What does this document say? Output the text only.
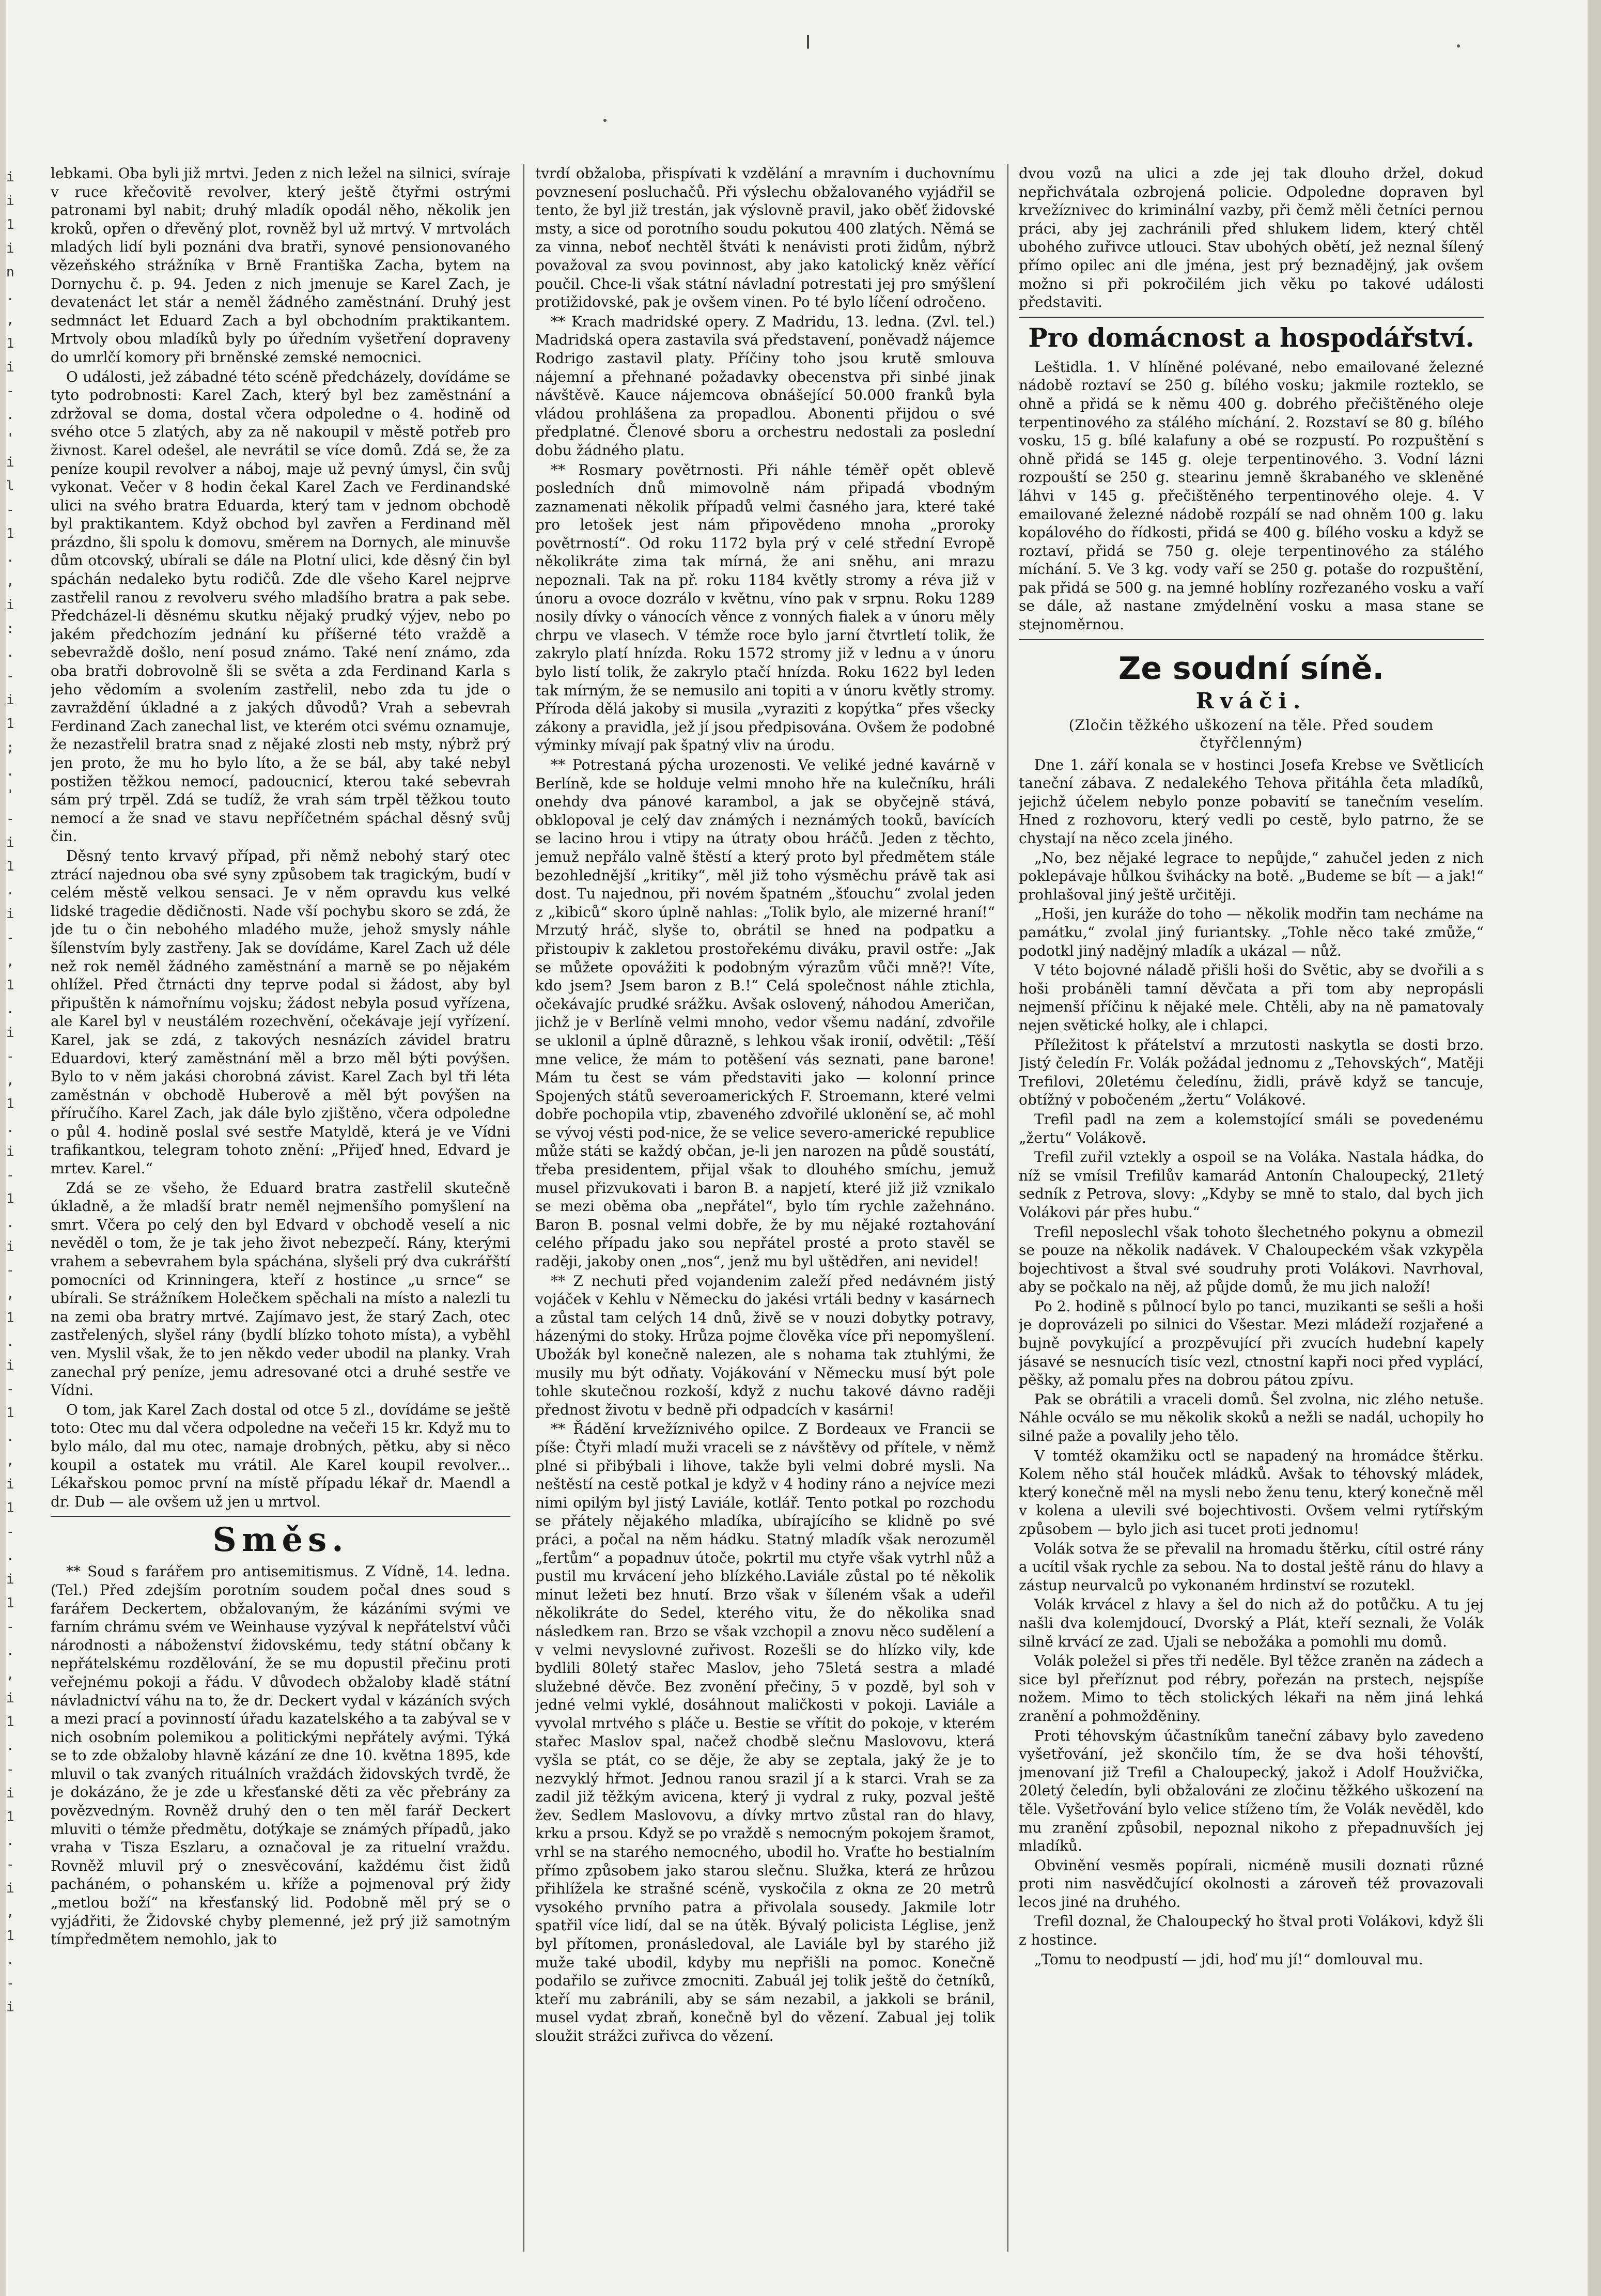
i
i
1
i
n
.
,
1
i
-
.
'
i
l
-
1
.
,
i
:
.
-
i
1
;
.
'
-
i
1
.
i
-
,
1
.
i
-
,
1
.
i
-
1
.
i
-
,
1
.
i
-
1
.
,
i
1
-
.
i
1
-
.
,
i
1
.
-
i
1
.
-
i
,
1
.
-
i

lebkami. Oba byli již mrtvi. Jeden z nich ležel na silnici, svíraje v ruce křečovitě revolver, který ještě čtyřmi ostrými patronami byl nabit; druhý mladík opodál něho, několik jen kroků, opřen o dřevěný plot, rovněž byl už mrtvý. V mrtvolách mladých lidí byli poznáni dva bratři, synové pensionovaného vězeňského strážníka v Brně Františka Zacha, bytem na Dornychu č. p. 94. Jeden z nich jmenuje se Karel Zach, je devatenáct let stár a neměl žádného zaměstnání. Druhý jest sedmnáct let Eduard Zach a byl obchodním praktikantem. Mrtvoly obou mladíků byly po úředním vyšetření dopraveny do umrlčí komory při brněnské zemské nemocnici.

O události, jež zábadné této scéně předcházely, dovídáme se tyto podrobnosti: Karel Zach, který byl bez zaměstnání a zdržoval se doma, dostal včera odpoledne o 4. hodině od svého otce 5 zlatých, aby za ně nakoupil v městě potřeb pro živnost. Karel odešel, ale nevrátil se více domů. Zdá se, že za peníze koupil revolver a náboj, maje už pevný úmysl, čin svůj vykonat. Večer v 8 hodin čekal Karel Zach ve Ferdinandské ulici na svého bratra Eduarda, který tam v jednom obchodě byl praktikantem. Když obchod byl zavřen a Ferdinand měl prázdno, šli spolu k domovu, směrem na Dornych, ale minuvše dům otcovský, ubírali se dále na Plotní ulici, kde děsný čin byl spáchán nedaleko bytu rodičů. Zde dle všeho Karel nejprve zastřelil ranou z revolveru svého mladšího bratra a pak sebe. Předcházel-li děsnému skutku nějaký prudký výjev, nebo po jakém předchozím jednání ku příšerné této vraždě a sebevraždě došlo, není posud známo. Také není známo, zda oba bratři dobrovolně šli se světa a zda Ferdinand Karla s jeho vědomím a svolením zastřelil, nebo zda tu jde o zavraždění úkladné a z jakých důvodů? Vrah a sebevrah Ferdinand Zach zanechal list, ve kterém otci svému oznamuje, že nezastřelil bratra snad z nějaké zlosti neb msty, nýbrž prý jen proto, že mu ho bylo líto, a že se bál, aby také nebyl postižen těžkou nemocí, padoucnicí, kterou také sebevrah sám prý trpěl. Zdá se tudíž, že vrah sám trpěl těžkou touto nemocí a že snad ve stavu nepříčetném spáchal děsný svůj čin.

Děsný tento krvavý případ, při němž nebohý starý otec ztrácí najednou oba své syny způsobem tak tragickým, budí v celém městě velkou sensaci. Je v něm opravdu kus velké lidské tragedie dědičnosti. Nade vší pochybu skoro se zdá, že jde tu o čin nebohého mladého muže, jehož smysly náhle šílenstvím byly zastřeny. Jak se dovídáme, Karel Zach už déle než rok neměl žádného zaměstnání a marně se po nějakém ohlížel. Před čtrnácti dny teprve podal si žádost, aby byl připuštěn k námořnímu vojsku; žádost nebyla posud vyřízena, ale Karel byl v neustálém rozechvění, očekávaje její vyřízení. Karel, jak se zdá, z takových nesnázích závidel bratru Eduardovi, který zaměstnání měl a brzo měl býti povýšen. Bylo to v něm jakási chorobná závist. Karel Zach byl tři léta zaměstnán v obchodě Huberově a měl být povýšen na příručího. Karel Zach, jak dále bylo zjištěno, včera odpoledne o půl 4. hodině poslal své sestře Matyldě, která je ve Vídni trafikantkou, telegram tohoto znění: „Přijeď hned, Edvard je mrtev. Karel.“

Zdá se ze všeho, že Eduard bratra zastřelil skutečně úkladně, a že mladší bratr neměl nejmenšího pomyšlení na smrt. Včera po celý den byl Edvard v obchodě veselí a nic nevěděl o tom, že je tak jeho život nebezpečí. Rány, kterými vrahem a sebevrahem byla spáchána, slyšeli prý dva cukrářští pomocníci od Krinningera, kteří z hostince „u srnce“ se ubírali. Se strážníkem Holečkem spěchali na místo a nalezli tu na zemi oba bratry mrtvé. Zajímavo jest, že starý Zach, otec zastřelených, slyšel rány (bydlí blízko tohoto místa), a vyběhl ven. Myslil však, že to jen někdo veder ubodil na planky. Vrah zanechal prý peníze, jemu adresované otci a druhé sestře ve Vídni.

O tom, jak Karel Zach dostal od otce 5 zl., dovídáme se ještě toto: Otec mu dal včera odpoledne na večeři 15 kr. Když mu to bylo málo, dal mu otec, namaje drobných, pětku, aby si něco koupil a ostatek mu vrátil. Ale Karel koupil revolver... Lékařskou pomoc první na místě případu lékař dr. Maendl a dr. Dub — ale ovšem už jen u mrtvol.

Směs.

** Soud s farářem pro antisemitismus. Z Vídně, 14. ledna. (Tel.) Před zdejším porotním soudem počal dnes soud s farářem Deckertem, obžalovaným, že kázáními svými ve farním chrámu svém ve Weinhause vyzýval k nepřátelství vůči národnosti a náboženství židovskému, tedy státní občany k nepřátelskému rozdělování, že se mu dopustil přečinu proti veřejnému pokoji a řádu. V důvodech obžaloby kladě státní návladnictví váhu na to, že dr. Deckert vydal v kázáních svých a mezi prací a povinností úřadu kazatelského a ta zabýval se v nich osobním polemikou a politickými nepřátely avými. Týká se to zde obžaloby hlavně kázání ze dne 10. května 1895, kde mluvil o tak zvaných rituálních vraždách židovských tvrdě, že je dokázáno, že je zde u křesťanské děti za věc přebrány za povězvedným. Rovněž druhý den o ten měl farář Deckert mluviti o témže předmětu, dotýkaje se známých případů, jako vraha v Tisza Eszlaru, a označoval je za rituelní vraždu. Rovněž mluvil prý o znesvěcování, každému čist židů pacháném, o pohanském u. kříže a pojmenoval prý židy „metlou boží“ na křesťanský lid. Podobně měl prý se o vyjádřiti, že Židovské chyby plemenné, jež prý již samotným tímpředmětem nemohlo, jak to

tvrdí obžaloba, přispívati k vzdělání a mravním i duchovnímu povznesení posluchačů. Při výslechu obžalovaného vyjádřil se tento, že byl již trestán, jak výslovně pravil, jako oběť židovské msty, a sice od porotního soudu pokutou 400 zlatých. Němá se za vinna, neboť nechtěl štváti k nenávisti proti židům, nýbrž považoval za svou povinnost, aby jako katolický kněz věřící poučil. Chce-li však státní návladní potrestati jej pro smýšlení protižidovské, pak je ovšem vinen. Po té bylo líčení odročeno.

** Krach madridské opery. Z Madridu, 13. ledna. (Zvl. tel.) Madridská opera zastavila svá představení, poněvadž nájemce Rodrigo zastavil platy. Příčiny toho jsou krutě smlouva nájemní a přehnané požadavky obecenstva při sinbé jinak návštěvě. Kauce nájemcova obnášející 50.000 franků byla vládou prohlášena za propadlou. Abonenti přijdou o své předplatné. Členové sboru a orchestru nedostali za poslední dobu žádného platu.

** Rosmary povětrnosti. Při náhle téměř opět oblevě posledních dnů mimovolně nám připadá vbodným zaznamenati několik případů velmi časného jara, které také pro letošek jest nám připovědeno mnoha „proroky povětrností“. Od roku 1172 byla prý v celé střední Evropě několikráte zima tak mírná, že ani sněhu, ani mrazu nepoznali. Tak na př. roku 1184 květly stromy a réva již v únoru a ovoce dozrálo v květnu, víno pak v srpnu. Roku 1289 nosily dívky o vánocích věnce z vonných fialek a v únoru měly chrpu ve vlasech. V témže roce bylo jarní čtvrtletí tolik, že zakrylo platí hnízda. Roku 1572 stromy již v lednu a v únoru bylo listí tolik, že zakrylo ptačí hnízda. Roku 1622 byl leden tak mírným, že se nemusilo ani topiti a v únoru květly stromy. Příroda dělá jakoby si musila „vyraziti z kopýtka“ přes všecky zákony a pravidla, jež jí jsou předpisována. Ovšem že podobné výminky mívají pak špatný vliv na úrodu.

** Potrestaná pýcha urozenosti. Ve veliké jedné kavárně v Berlíně, kde se holduje velmi mnoho hře na kulečníku, hráli onehdy dva pánové karambol, a jak se obyčejně stává, obklopoval je celý dav známých i neznámých tooků, bavících se lacino hrou i vtipy na útraty obou hráčů. Jeden z těchto, jemuž nepřálo valně štěstí a který proto byl předmětem stále bezohlednější „kritiky“, měl již toho výsměchu právě tak asi dost. Tu najednou, při novém špatném „šťouchu“ zvolal jeden z „kibiců“ skoro úplně nahlas: „Tolik bylo, ale mizerné hraní!“ Mrzutý hráč, slyše to, obrátil se hned na podpatku a přistoupiv k zakletou prostořekému diváku, pravil ostře: „Jak se můžete opovážiti k podobným výrazům vůči mně?! Víte, kdo jsem? Jsem baron z B.!“ Celá společnost náhle ztichla, očekávajíc prudké srážku. Avšak oslovený, náhodou Američan, jichž je v Berlíně velmi mnoho, vedor všemu nadání, zdvořile se uklonil a úplně důrazně, s lehkou však ironií, odvětil: „Těší mne velice, že mám to potěšení vás seznati, pane barone! Mám tu čest se vám představiti jako — kolonní prince Spojených států severoamerických F. Stroemann, které velmi dobře pochopila vtip, zbaveného zdvořilé uklonění se, ač mohl se vývoj vésti pod-nice, že se velice severo-americké republice může státi se každý občan, je-li jen narozen na půdě soustátí, třeba presidentem, přijal však to dlouhého smíchu, jemuž musel přizvukovati i baron B. a napjetí, které již již vznikalo se mezi oběma oba „nepřátel“, bylo tím rychle zažehnáno. Baron B. posnal velmi dobře, že by mu nějaké roztahování celého případu jako sou nepřátel prosté a proto stavěl se raději, jakoby onen „nos“, jenž mu byl uštědřen, ani nevidel!

** Z nechuti před vojandenim zaleží před nedávném jistý vojáček v Kehlu v Německu do jakési vrtáli bedny v kasárnech a zůstal tam celých 14 dnů, živě se v nouzi dobytky potravy, házenými do stoky. Hrůza pojme člověka více při nepomyšlení. Ubožák byl konečně nalezen, ale s nohama tak ztuhlými, že musily mu být odňaty. Vojákování v Německu musí být pole tohle skutečnou rozkoší, když z nuchu takové dávno raději přednost životu v bedně při odpadcích v kasárni!

** Řádění krvežíznivého opilce. Z Bordeaux ve Francii se píše: Čtyři mladí muži vraceli se z návštěvy od přítele, v němž plné si přibýbali i lihove, takže byli velmi dobré mysli. Na neštěstí na cestě potkal je když v 4 hodiny ráno a nejvíce mezi nimi opilým byl jistý Laviále, kotlář. Tento potkal po rozchodu se přátely nějakého mladíka, ubírajícího se klidně po své práci, a počal na něm hádku. Statný mladík však nerozuměl „fertům“ a popadnuv útoče, pokrtil mu ctyře však vytrhl nůž a pustil mu krvácení jeho blízkého.Laviále zůstal po té několik minut ležeti bez hnutí. Brzo však v šíleném však a udeřil několikráte do Sedel, kterého vitu, že do několika snad následkem ran. Brzo se však vzchopil a znovu něco sudělení a v velmi nevyslovné zuřivost. Rozešli se do hlízko vily, kde bydlili 80letý stařec Maslov, jeho 75letá sestra a mladé služebné děvče. Bez zvonění přečiny, 5 v pozdě, byl soh v jedné velmi vyklé, dosáhnout maličkosti v pokoji. Laviále a vyvolal mrtvého s pláče u. Bestie se vřítit do pokoje, v kterém stařec Maslov spal, načež chodbě slečnu Maslovovu, která vyšla se ptát, co se děje, že aby se zeptala, jaký že je to nezvyklý hřmot. Jednou ranou srazil jí a k starci. Vrah se za zadil již těžkým avicena, který ji vydral z ruky, pozval ještě žev. Sedlem Maslovovu, a dívky mrtvo zůstal ran do hlavy, krku a prsou. Když se po vraždě s nemocným pokojem šramot, vrhl se na starého nemocného, ubodil ho. Vraťte ho bestialním přímo způsobem jako starou slečnu. Služka, která ze hrůzou přihlížela ke strašné scéně, vyskočila z okna ze 20 metrů vysokého prvního patra a přivolala sousedy. Jakmile lotr spatřil více lidí, dal se na útěk. Bývalý policista Léglise, jenž byl přítomen, pronásledoval, ale Laviále byl by starého již muže také ubodil, kdyby mu nepřišli na pomoc. Konečně podařilo se zuřivce zmocniti. Zabuál jej tolik ještě do četníků, kteří mu zabránili, aby se sám nezabil, a jakkoli se bránil, musel vydat zbraň, konečně byl do vězení. Zabual jej tolik sloužit strážci zuřivca do vězení.

dvou vozů na ulici a zde jej tak dlouho držel, dokud nepřichvátala ozbrojená policie. Odpoledne dopraven byl krvežíznivec do kriminální vazby, při čemž měli četníci pernou práci, aby jej zachránili před shlukem lidem, který chtěl ubohého zuřivce utlouci. Stav ubohých obětí, jež neznal šílený přímo opilec ani dle jména, jest prý beznadějný, jak ovšem možno si při pokročilém jich věku po takové události představiti.

Pro domácnost a hospodářství.

Leštidla. 1. V hlíněné polévané, nebo emailované železné nádobě roztaví se 250 g. bílého vosku; jakmile rozteklo, se ohně a přidá se k němu 400 g. dobrého přečištěného oleje terpentinového za stálého míchání. 2. Rozstaví se 80 g. bílého vosku, 15 g. bílé kalafuny a obé se rozpustí. Po rozpuštění s ohně přidá se 145 g. oleje terpentinového. 3. Vodní lázni rozpouští se 250 g. stearinu jemně škrabaného ve skleněné láhvi v 145 g. přečištěného terpentinového oleje. 4. V emailované železné nádobě rozpálí se nad ohněm 100 g. laku kopálového do řídkosti, přidá se 400 g. bílého vosku a když se roztaví, přidá se 750 g. oleje terpentinového za stálého míchání. 5. Ve 3 kg. vody vaří se 250 g. potaše do rozpuštění, pak přidá se 500 g. na jemné hoblíny rozřezaného vosku a vaří se dále, až nastane zmýdelnění vosku a masa stane se stejnoměrnou.

Ze soudní síně.
Rváči.
(Zločin těžkého uškození na těle. Před soudem čtyřčlenným)

Dne 1. září konala se v hostinci Josefa Krebse ve Světlicích taneční zábava. Z nedalekého Tehova přitáhla četa mladíků, jejichž účelem nebylo ponze pobavití se tanečním veselím. Hned z rozhovoru, který vedli po cestě, bylo patrno, že se chystají na něco zcela jiného.

„No, bez nějaké legrace to nepůjde,“ zahučel jeden z nich poklepávaje hůlkou švihácky na botě. „Budeme se bít — a jak!“ prohlašoval jiný ještě určitěji.

„Hoši, jen kuráže do toho — několik modřin tam necháme na památku,“ zvolal jiný furiantsky. „Tohle něco také zmůže,“ podotkl jiný nadějný mladík a ukázal — nůž.

V této bojovné náladě přišli hoši do Světic, aby se dvořili a s hoši probáněli tamní děvčata a při tom aby nepropásli nejmenší příčinu k nějaké mele. Chtěli, aby na ně pamatovaly nejen světické holky, ale i chlapci.

Příležitost k přátelství a mrzutosti naskytla se dosti brzo. Jistý čeledín Fr. Volák požádal jednomu z „Tehovských“, Matěji Trefilovi, 20letému čeledínu, židli, právě když se tancuje, obtížný v pobočeném „žertu“ Volákové.

Trefil padl na zem a kolemstojící smáli se povedenému „žertu“ Volákově.

Trefil zuřil vztekly a ospoil se na Voláka. Nastala hádka, do níž se vmísil Trefilův kamarád Antonín Chaloupecký, 21letý sedník z Petrova, slovy: „Kdyby se mně to stalo, dal bych jich Volákovi pár přes hubu.“

Trefil neposlechl však tohoto šlechetného pokynu a obmezil se pouze na několik nadávek. V Chaloupeckém však vzkypěla bojechtivost a štval své soudruhy proti Volákovi. Navrhoval, aby se počkalo na něj, až půjde domů, že mu jich naloží!

Po 2. hodině s půlnocí bylo po tanci, muzikanti se sešli a hoši je doprovázeli po silnici do Všestar. Mezi mládeží rozjařené a bujně povykující a prozpěvující při zvucích hudební kapely jásavé se nesnucích tisíc vezl, ctnostní kapři noci před vyplácí, pěšky, až pomalu přes na dobrou pátou zpívu.

Pak se obrátili a vraceli domů. Šel zvolna, nic zlého netuše. Náhle ocválo se mu několik skoků a nežli se nadál, uchopily ho silné paže a povalily jeho tělo.

V tomtéž okamžiku octl se napadený na hromádce štěrku. Kolem něho stál houček mládků. Avšak to téhovský mládek, který konečně měl na mysli nebo ženu tenu, který konečně měl v kolena a ulevili své bojechtivosti. Ovšem velmi rytířským způsobem — bylo jich asi tucet proti jednomu!

Volák sotva že se převalil na hromadu štěrku, cítil ostré rány a ucítil však rychle za sebou. Na to dostal ještě ránu do hlavy a zástup neurvalců po vykonaném hrdinství se rozutekl.

Volák krvácel z hlavy a šel do nich až do potůčku. A tu jej našli dva kolemjdoucí, Dvorský a Plát, kteří seznali, že Volák silně krvácí ze zad. Ujali se nebožáka a pomohli mu domů.

Volák poležel si přes tři neděle. Byl těžce zraněn na zádech a sice byl přeříznut pod rébry, pořezán na prstech, nejspíše nožem. Mimo to těch stolických lékaři na něm jiná lehká zranění a pohmožděniny.

Proti téhovským účastníkům taneční zábavy bylo zavedeno vyšetřování, jež skončilo tím, že se dva hoši téhovští, jmenovaní již Trefil a Chaloupecký, jakož i Adolf Houžvička, 20letý čeledín, byli obžalováni ze zločinu těžkého uškození na těle. Vyšetřování bylo velice stíženo tím, že Volák nevěděl, kdo mu zranění způsobil, nepoznal nikoho z přepadnuvších jej mladíků.

Obvinění vesměs popírali, nicméně musili doznati různé proti nim nasvědčující okolnosti a zároveň též provazovali lecos jiné na druhého.

Trefil doznal, že Chaloupecký ho štval proti Volákovi, když šli z hostince.

„Tomu to neodpustí — jdi, hoď mu jí!“ domlouval mu.
